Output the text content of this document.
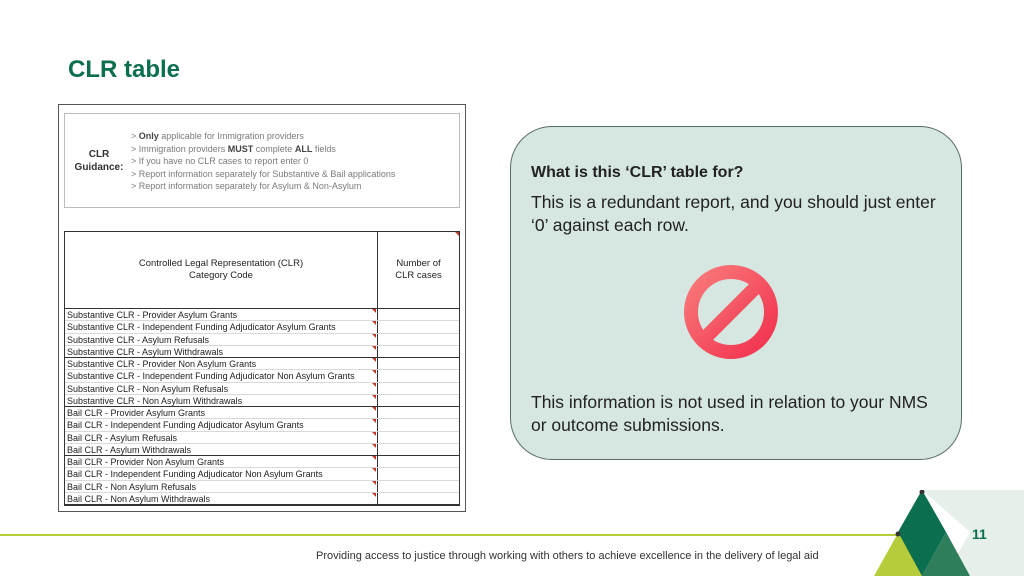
CLR table
CLR
Guidance:
> Only applicable for Immigration providers
> Immigration providers MUST complete ALL fields
> If you have no CLR cases to report enter 0
> Report information separately for Substantive & Bail applications
> Report information separately for Asylum & Non-Asylum
Controlled Legal Representation (CLR)
Category Code
Number of
CLR cases
Substantive CLR - Provider Asylum Grants
Substantive CLR - Independent Funding Adjudicator Asylum Grants
Substantive CLR - Asylum Refusals
Substantive CLR - Asylum Withdrawals
Substantive CLR - Provider Non Asylum Grants
Substantive CLR - Independent Funding Adjudicator Non Asylum Grants
Substantive CLR - Non Asylum Refusals
Substantive CLR - Non Asylum Withdrawals
Bail CLR - Provider Asylum Grants
Bail CLR - Independent Funding Adjudicator Asylum Grants
Bail CLR - Asylum Refusals
Bail CLR - Asylum Withdrawals
Bail CLR - Provider Non Asylum Grants
Bail CLR - Independent Funding Adjudicator Non Asylum Grants
Bail CLR - Non Asylum Refusals
Bail CLR - Non Asylum Withdrawals
What is this ‘CLR’ table for?
This is a redundant report, and you should just enter ‘0’ against each row.
This information is not used in relation to your NMS or outcome submissions.
Providing access to justice through working with others to achieve excellence in the delivery of legal aid
11
